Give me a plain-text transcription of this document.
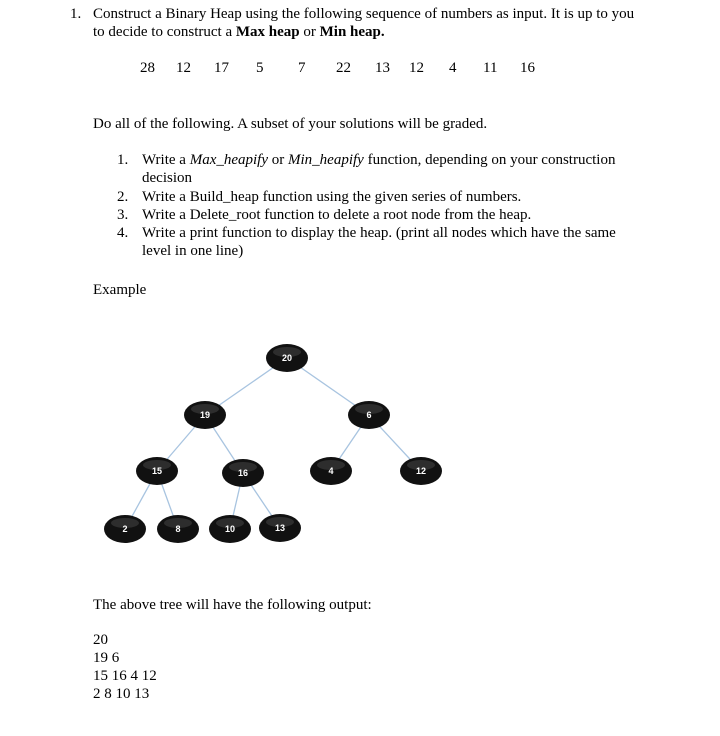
1. Construct a Binary Heap using the following sequence of numbers as input. It is up to you
to decide to construct a Max heap or Min heap.
28 12 17 5 7 22 13 12 4 11 16
Do all of the following. A subset of your solutions will be graded.
1. Write a Max_heapify or Min_heapify function, depending on your construction
decision
2. Write a Build_heap function using the given series of numbers.
3. Write a Delete_root function to delete a root node from the heap.
4. Write a print function to display the heap. (print all nodes which have the same
level in one line)
Example
20
19	6
15	16	4	12
2	8	10	13
The above tree will have the following output:
20
19 6
15 16 4 12
2 8 10 13
